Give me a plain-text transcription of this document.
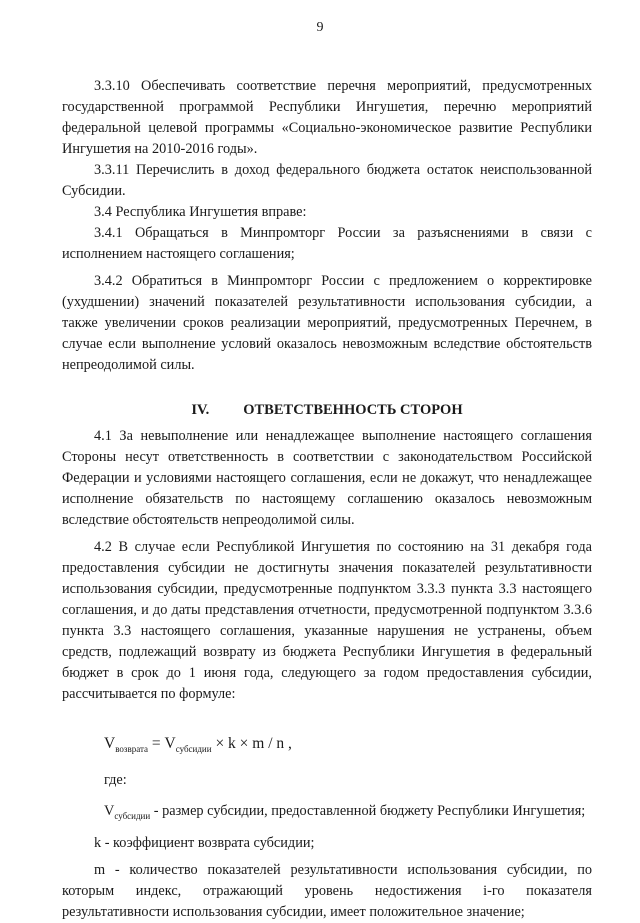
9

3.3.10 Обеспечивать соответствие перечня мероприятий, предусмотренных государственной программой Республики Ингушетия, перечню мероприятий федеральной целевой программы «Социально-экономическое развитие Республики Ингушетия на 2010-2016 годы».

3.3.11 Перечислить в доход федерального бюджета остаток неиспользованной Субсидии.

3.4 Республика Ингушетия вправе:

3.4.1 Обращаться в Минпромторг России за разъяснениями в связи с исполнением настоящего соглашения;

3.4.2 Обратиться в Минпромторг России с предложением о корректировке (ухудшении) значений показателей результативности использования субсидии, а также увеличении сроков реализации мероприятий, предусмотренных Перечнем, в случае если выполнение условий оказалось невозможным вследствие обстоятельств непреодолимой силы.

IV. ОТВЕТСТВЕННОСТЬ СТОРОН

4.1 За невыполнение или ненадлежащее выполнение настоящего соглашения Стороны несут ответственность в соответствии с законодательством Российской Федерации и условиями настоящего соглашения, если не докажут, что ненадлежащее исполнение обязательств по настоящему соглашению оказалось невозможным вследствие обстоятельств непреодолимой силы.

4.2 В случае если Республикой Ингушетия по состоянию на 31 декабря года предоставления субсидии не достигнуты значения показателей результативности использования субсидии, предусмотренные подпунктом 3.3.3 пункта 3.3 настоящего соглашения, и до даты представления отчетности, предусмотренной подпунктом 3.3.6 пункта 3.3 настоящего соглашения, указанные нарушения не устранены, объем средств, подлежащий возврату из бюджета Республики Ингушетия в федеральный бюджет в срок до 1 июня года, следующего за годом предоставления субсидии, рассчитывается по формуле:

$V_{возврата} = V_{субсидии} \times k \times m / n$ ,

где:

$V_{субсидии}$ - размер субсидии, предоставленной бюджету Республики Ингушетия;

k - коэффициент возврата субсидии;

m - количество показателей результативности использования субсидии, по которым индекс, отражающий уровень недостижения i-го показателя результативности использования субсидии, имеет положительное значение;
